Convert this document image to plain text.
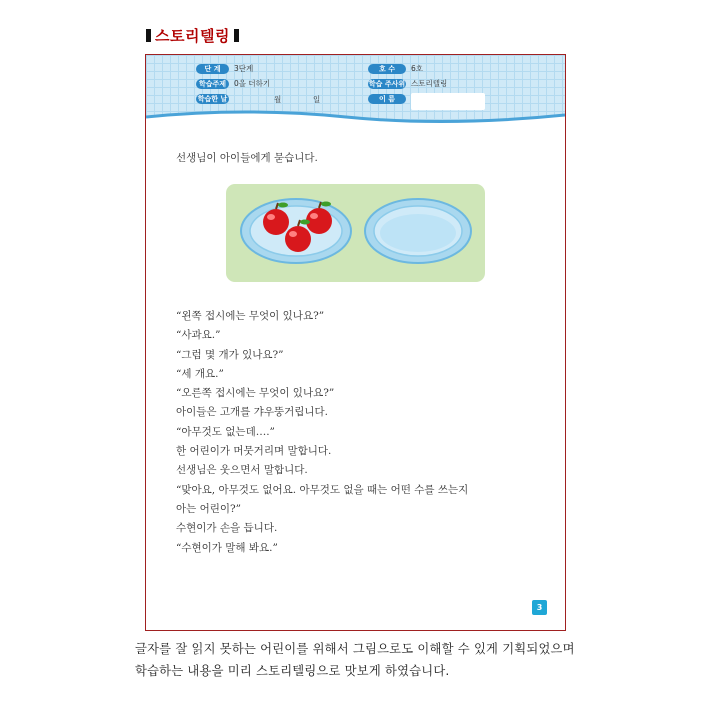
스토리텔링
단 계	3단계
학습주제	0을 더하기
학습한 날	월	일
호 수	6호
학습 주사위 스토리텔링
이 름
선생님이 아이들에게 묻습니다.

“왼쪽 접시에는 무엇이 있나요?”

“사과요.”

“그럼 몇 개가 있나요?”

“세 개요.”

“오른쪽 접시에는 무엇이 있나요?”

아이들은 고개를 갸우뚱거립니다.

“아무것도 없는데….”

한 어린이가 머뭇거리며 말합니다.

선생님은 웃으면서 말합니다.

“맞아요, 아무것도 없어요. 아무것도 없을 때는 어떤 수를 쓰는지

아는 어린이?”

수현이가 손을 듭니다.

“수현이가 말해 봐요.”

3

글자를 잘 읽지 못하는 어린이를 위해서 그림으로도 이해할 수 있게 기획되었으며

학습하는 내용을 미리 스토리텔링으로 맛보게 하였습니다.
